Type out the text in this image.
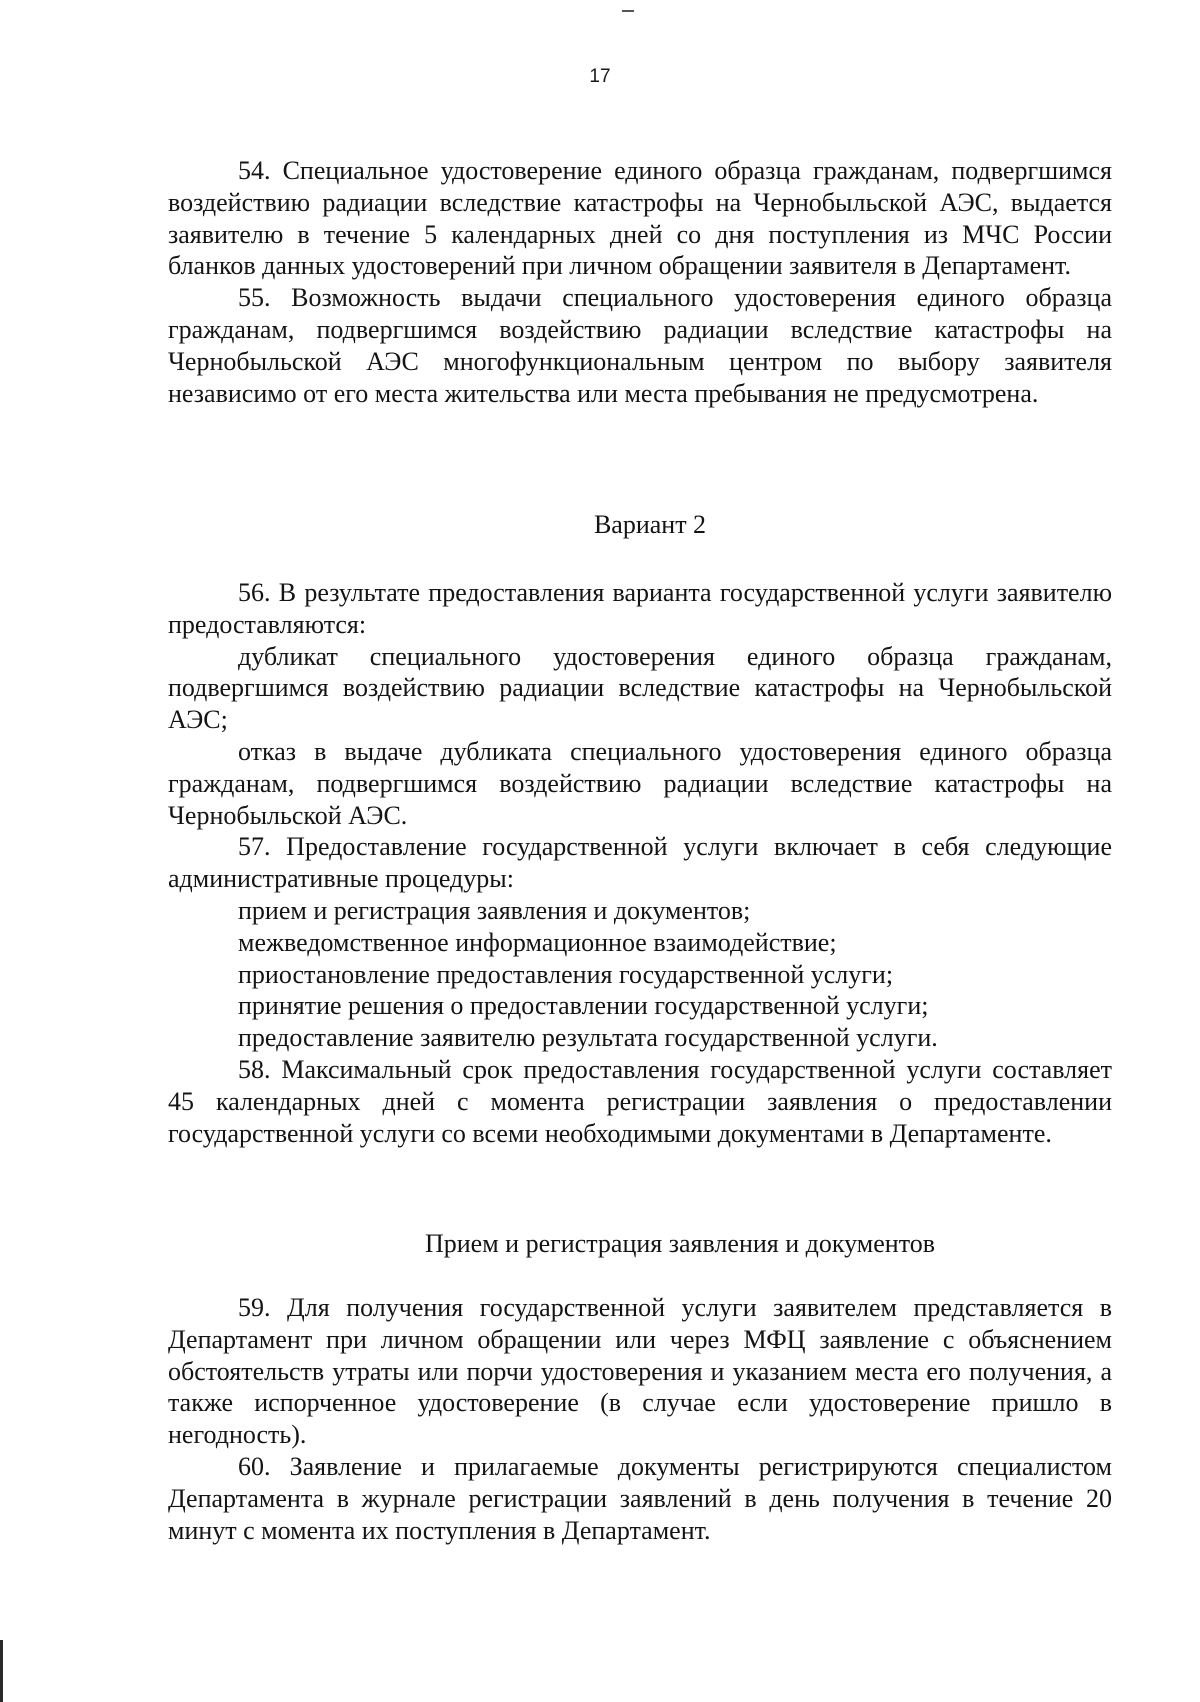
17

54. Специальное удостоверение единого образца гражданам, подвергшимся воздействию радиации вследствие катастрофы на Чернобыльской АЭС, выдается заявителю в течение 5 календарных дней со дня поступления из МЧС России бланков данных удостоверений при личном обращении заявителя в Департамент.

55. Возможность выдачи специального удостоверения единого образца гражданам, подвергшимся воздействию радиации вследствие катастрофы на Чернобыльской АЭС многофункциональным центром по выбору заявителя независимо от его места жительства или места пребывания не предусмотрена.

Вариант 2

56. В результате предоставления варианта государственной услуги заявителю предоставляются:

дубликат специального удостоверения единого образца гражданам, подвергшимся воздействию радиации вследствие катастрофы на Чернобыльской АЭС;

отказ в выдаче дубликата специального удостоверения единого образца гражданам, подвергшимся воздействию радиации вследствие катастрофы на Чернобыльской АЭС.

57. Предоставление государственной услуги включает в себя следующие административные процедуры:

прием и регистрация заявления и документов;

межведомственное информационное взаимодействие;

приостановление предоставления государственной услуги;

принятие решения о предоставлении государственной услуги;

предоставление заявителю результата государственной услуги.

58. Максимальный срок предоставления государственной услуги составляет 45 календарных дней с момента регистрации заявления о предоставлении государственной услуги со всеми необходимыми документами в Департаменте.

Прием и регистрация заявления и документов

59. Для получения государственной услуги заявителем представляется в Департамент при личном обращении или через МФЦ заявление с объяснением обстоятельств утраты или порчи удостоверения и указанием места его получения, а также испорченное удостоверение (в случае если удостоверение пришло в негодность).

60. Заявление и прилагаемые документы регистрируются специалистом Департамента в журнале регистрации заявлений в день получения в течение 20 минут с момента их поступления в Департамент.
